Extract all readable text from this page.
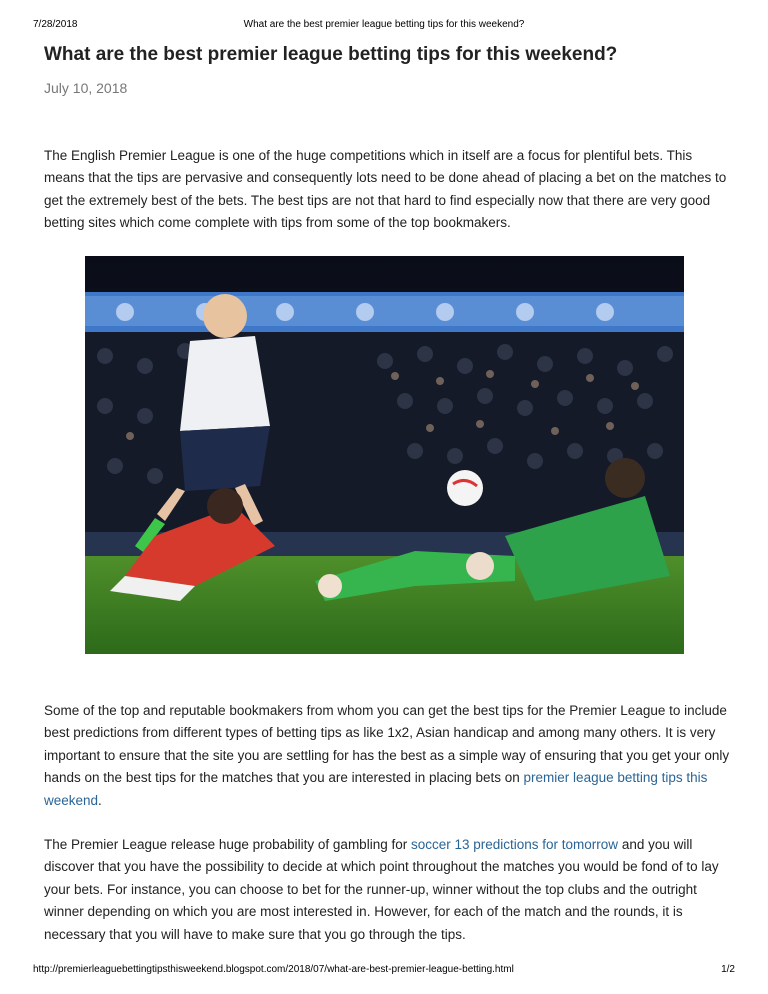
7/28/2018	What are the best premier league betting tips for this weekend?
What are the best premier league betting tips for this weekend?
July 10, 2018

The English Premier League is one of the huge competitions which in itself are a focus for plentiful bets. This means that the tips are pervasive and consequently lots need to be done ahead of placing a bet on the matches to get the extremely best of the bets. The best tips are not that hard to find especially now that there are very good betting sites which come complete with tips from some of the top bookmakers.

Some of the top and reputable bookmakers from whom you can get the best tips for the Premier League to include best predictions from different types of betting tips as like 1x2, Asian handicap and among many others. It is very important to ensure that the site you are settling for has the best as a simple way of ensuring that you get your only hands on the best tips for the matches that you are interested in placing bets on premier league betting tips this weekend.

The Premier League release huge probability of gambling for soccer 13 predictions for tomorrow and you will discover that you have the possibility to decide at which point throughout the matches you would be fond of to lay your bets. For instance, you can choose to bet for the runner-up, winner without the top clubs and the outright winner depending on which you are most interested in. However, for each of the match and the rounds, it is necessary that you will have to make sure that you go through the tips.

http://premierleaguebettingtipsthisweekend.blogspot.com/2018/07/what-are-best-premier-league-betting.html	1/2
